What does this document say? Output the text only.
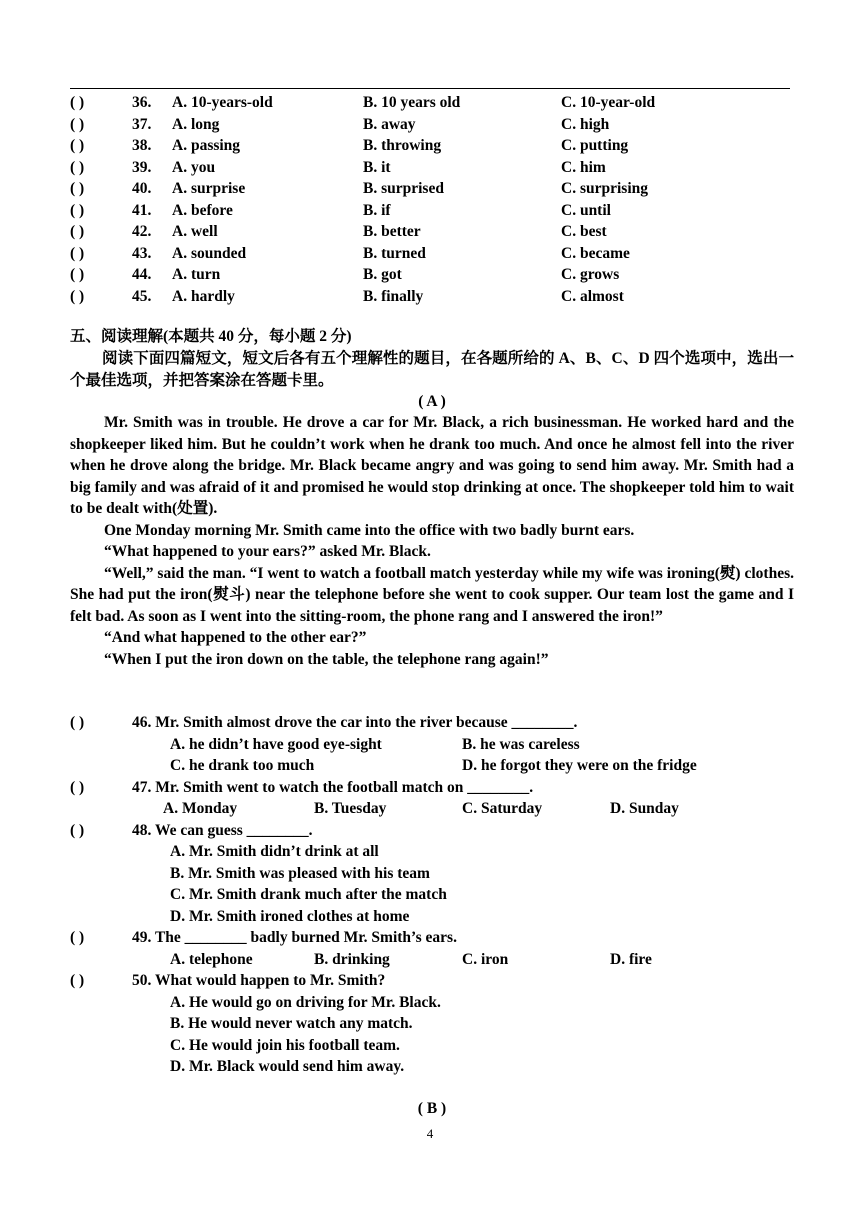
( )	36. A. 10-years-old	B. 10 years old	C. 10-year-old
( )	37. A. long	B. away	C. high
( )	38. A. passing	B. throwing	C. putting
( )	39. A. you	B. it	C. him
( )	40. A. surprise	B. surprised	C. surprising
( )	41. A. before	B. if	C. until
( )	42. A. well	B. better	C. best
( )	43. A. sounded	B. turned	C. became
( )	44. A. turn	B. got	C. grows
( )	45. A. hardly	B. finally	C. almost
五、阅读理解(本题共 40 分，每小题 2 分)
阅读下面四篇短文，短文后各有五个理解性的题目，在各题所给的 A、B、C、D 四个选项中，选出一个最佳选项，并把答案涂在答题卡里。
( A )

Mr. Smith was in trouble. He drove a car for Mr. Black, a rich businessman. He worked hard and the shopkeeper liked him. But he couldn’t work when he drank too much. And once he almost fell into the river when he drove along the bridge. Mr. Black became angry and was going to send him away. Mr. Smith had a big family and was afraid of it and promised he would stop drinking at once. The shopkeeper told him to wait to be dealt with(处置).

One Monday morning Mr. Smith came into the office with two badly burnt ears.

“What happened to your ears?” asked Mr. Black.

“Well,” said the man. “I went to watch a football match yesterday while my wife was ironing(熨) clothes. She had put the iron(熨斗) near the telephone before she went to cook supper. Our team lost the game and I felt bad. As soon as I went into the sitting-room, the phone rang and I answered the iron!”

“And what happened to the other ear?”

“When I put the iron down on the table, the telephone rang again!”

( )	46. Mr. Smith almost drove the car into the river because ________.
A. he didn’t have good eye-sight	B. he was careless
C. he drank too much	D. he forgot they were on the fridge
( )	47. Mr. Smith went to watch the football match on ________.
A. Monday	B. Tuesday	C. Saturday	D. Sunday
( )	48. We can guess ________.
A. Mr. Smith didn’t drink at all
B. Mr. Smith was pleased with his team
C. Mr. Smith drank much after the match
D. Mr. Smith ironed clothes at home
( )	49. The ________ badly burned Mr. Smith’s ears.
A. telephone	B. drinking	C. iron	D. fire
( )	50. What would happen to Mr. Smith?
A. He would go on driving for Mr. Black.
B. He would never watch any match.
C. He would join his football team.
D. Mr. Black would send him away.
( B )
4
